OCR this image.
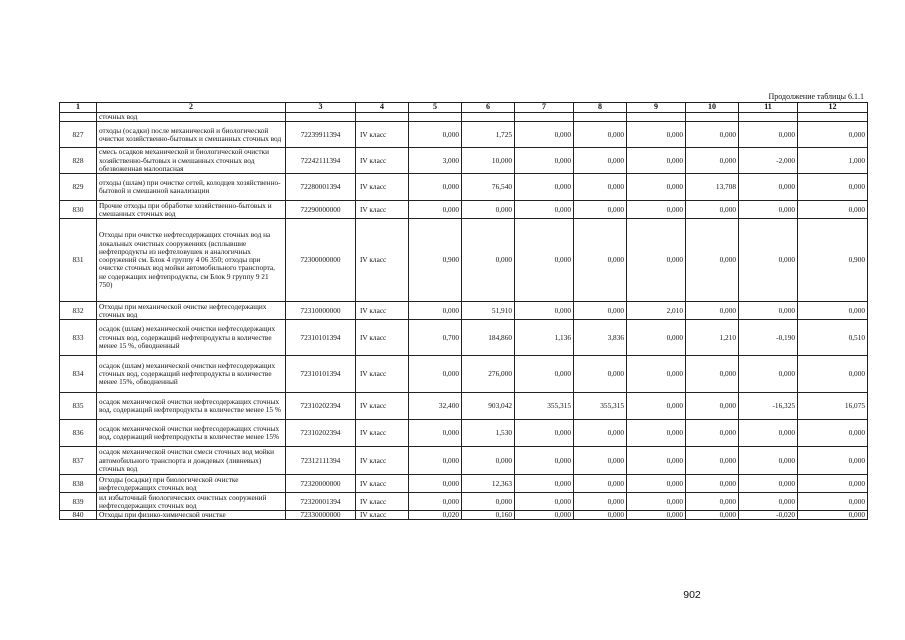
Продолжение таблицы 6.1.1
1	2	3	4	5	6	7	8	9	10	11	12
	сточных вод										
827	отходы (осадки) после механической и биологической очистки хозяйственно-бытовых и смешанных сточных вод	72239911394	IV класс	0,000	1,725	0,000	0,000	0,000	0,000	0,000	0,000
828	смесь осадков механической и биологической очистки хозяйственно-бытовых и смешанных сточных вод обезвоженная малоопасная	72242111394	IV класс	3,000	10,000	0,000	0,000	0,000	0,000	-2,000	1,000
829	отходы (шлам) при очистке сетей, колодцев хозяйственно-бытовой и смешанной канализации	72280001394	IV класс	0,000	76,540	0,000	0,000	0,000	13,708	0,000	0,000
830	Прочие отходы при обработке хозяйственно-бытовых и смешанных сточных вод	72290000000	IV класс	0,000	0,000	0,000	0,000	0,000	0,000	0,000	0,000
831	Отходы при очистке нефтесодержащих сточных вод на локальных очистных сооружениях (всплывшие нефтепродукты из нефтеловушек и аналогичных сооружений см. Блок 4 группу 4 06 350; отходы при очистке сточных вод мойки автомобильного транспорта, не содержащих нефтепродукты, см Блок 9 группу 9 21 750)	72300000000	IV класс	0,900	0,000	0,000	0,000	0,000	0,000	0,000	0,900
832	Отходы при механической очистке нефтесодержащих сточных вод	72310000000	IV класс	0,000	51,910	0,000	0,000	2,010	0,000	0,000	0,000
833	осадок (шлам) механической очистки нефтесодержащих сточных вод, содержащий нефтепродукты в количестве менее 15 %, обводненный	72310101394	IV класс	0,700	184,860	1,136	3,836	0,000	1,210	-0,190	0,510
834	осадок (шлам) механической очистки нефтесодержащих сточных вод, содержащий нефтепродукты в количестве менее 15%, обводненный	72310101394	IV класс	0,000	276,000	0,000	0,000	0,000	0,000	0,000	0,000
835	осадок механической очистки нефтесодержащих сточных вод, содержащий нефтепродукты в количестве менее 15 %	72310202394	IV класс	32,400	903,042	355,315	355,315	0,000	0,000	-16,325	16,075
836	осадок механической очистки нефтесодержащих сточных вод, содержащий нефтепродукты в количестве менее 15%	72310202394	IV класс	0,000	1,530	0,000	0,000	0,000	0,000	0,000	0,000
837	осадок механической очистки смеси сточных вод мойки автомобильного транспорта и дождевых (ливневых) сточных вод	72312111394	IV класс	0,000	0,000	0,000	0,000	0,000	0,000	0,000	0,000
838	Отходы (осадки) при биологической очистке нефтесодержащих сточных вод	72320000000	IV класс	0,000	12,363	0,000	0,000	0,000	0,000	0,000	0,000
839	ил избыточный биологических очистных сооружений нефтесодержащих сточных вод	72320001394	IV класс	0,000	0,000	0,000	0,000	0,000	0,000	0,000	0,000
840	Отходы при физико-химической очистке	72330000000	IV класс	0,020	0,160	0,000	0,000	0,000	0,000	-0,020	0,000
902
